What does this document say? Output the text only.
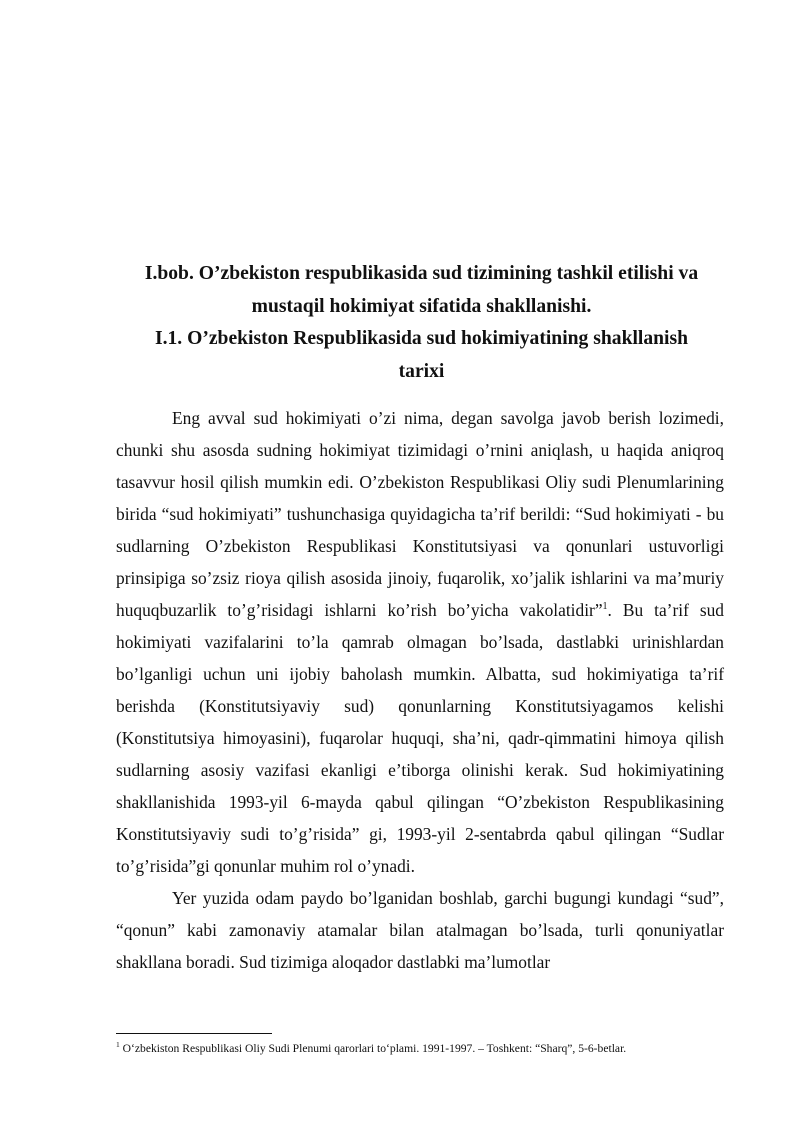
I.bob. O’zbekiston respublikasida sud tizimining tashkil etilishi va
mustaqil hokimiyat sifatida shakllanishi.
I.1. O’zbekiston Respublikasida sud hokimiyatining shakllanish
tarixi

Eng avval sud hokimiyati o’zi nima, degan savolga javob berish lozimedi, chunki shu asosda sudning hokimiyat tizimidagi o’rnini aniqlash, u haqida aniqroq tasavvur hosil qilish mumkin edi. O’zbekiston Respublikasi Oliy sudi Plenumlarining birida “sud hokimiyati” tushunchasiga quyidagicha ta’rif berildi: “Sud hokimiyati - bu sudlarning O’zbekiston Respublikasi Konstitutsiyasi va qonunlari ustuvorligi prinsipiga so’zsiz rioya qilish asosida jinoiy, fuqarolik, xo’jalik ishlarini va ma’muriy huquqbuzarlik to’g’risidagi ishlarni ko’rish bo’yicha vakolatidir”$^1$. Bu ta’rif sud hokimiyati vazifalarini to’la qamrab olmagan bo’lsada, dastlabki urinishlardan bo’lganligi uchun uni ijobiy baholash mumkin. Albatta, sud hokimiyatiga ta’rif berishda (Konstitutsiyaviy sud) qonunlarning Konstitutsiyagamos kelishi (Konstitutsiya himoyasini), fuqarolar huquqi, sha’ni, qadr-qimmatini himoya qilish sudlarning asosiy vazifasi ekanligi e’tiborga olinishi kerak. Sud hokimiyatining shakllanishida 1993-yil 6-mayda qabul qilingan “O’zbekiston Respublikasining Konstitutsiyaviy sudi to’g’risida” gi, 1993-yil 2-sentabrda qabul qilingan “Sudlar to’g’risida”gi qonunlar muhim rol o’ynadi.

Yer yuzida odam paydo bo’lganidan boshlab, garchi bugungi kundagi “sud”, “qonun” kabi zamonaviy atamalar bilan atalmagan bo’lsada, turli qonuniyatlar shakllana boradi. Sud tizimiga aloqador dastlabki ma’lumotlar

$^1$ O‘zbekiston Respublikasi Oliy Sudi Plenumi qarorlari to‘plami. 1991-1997. – Toshkent: “Sharq”, 5-6-betlar.
